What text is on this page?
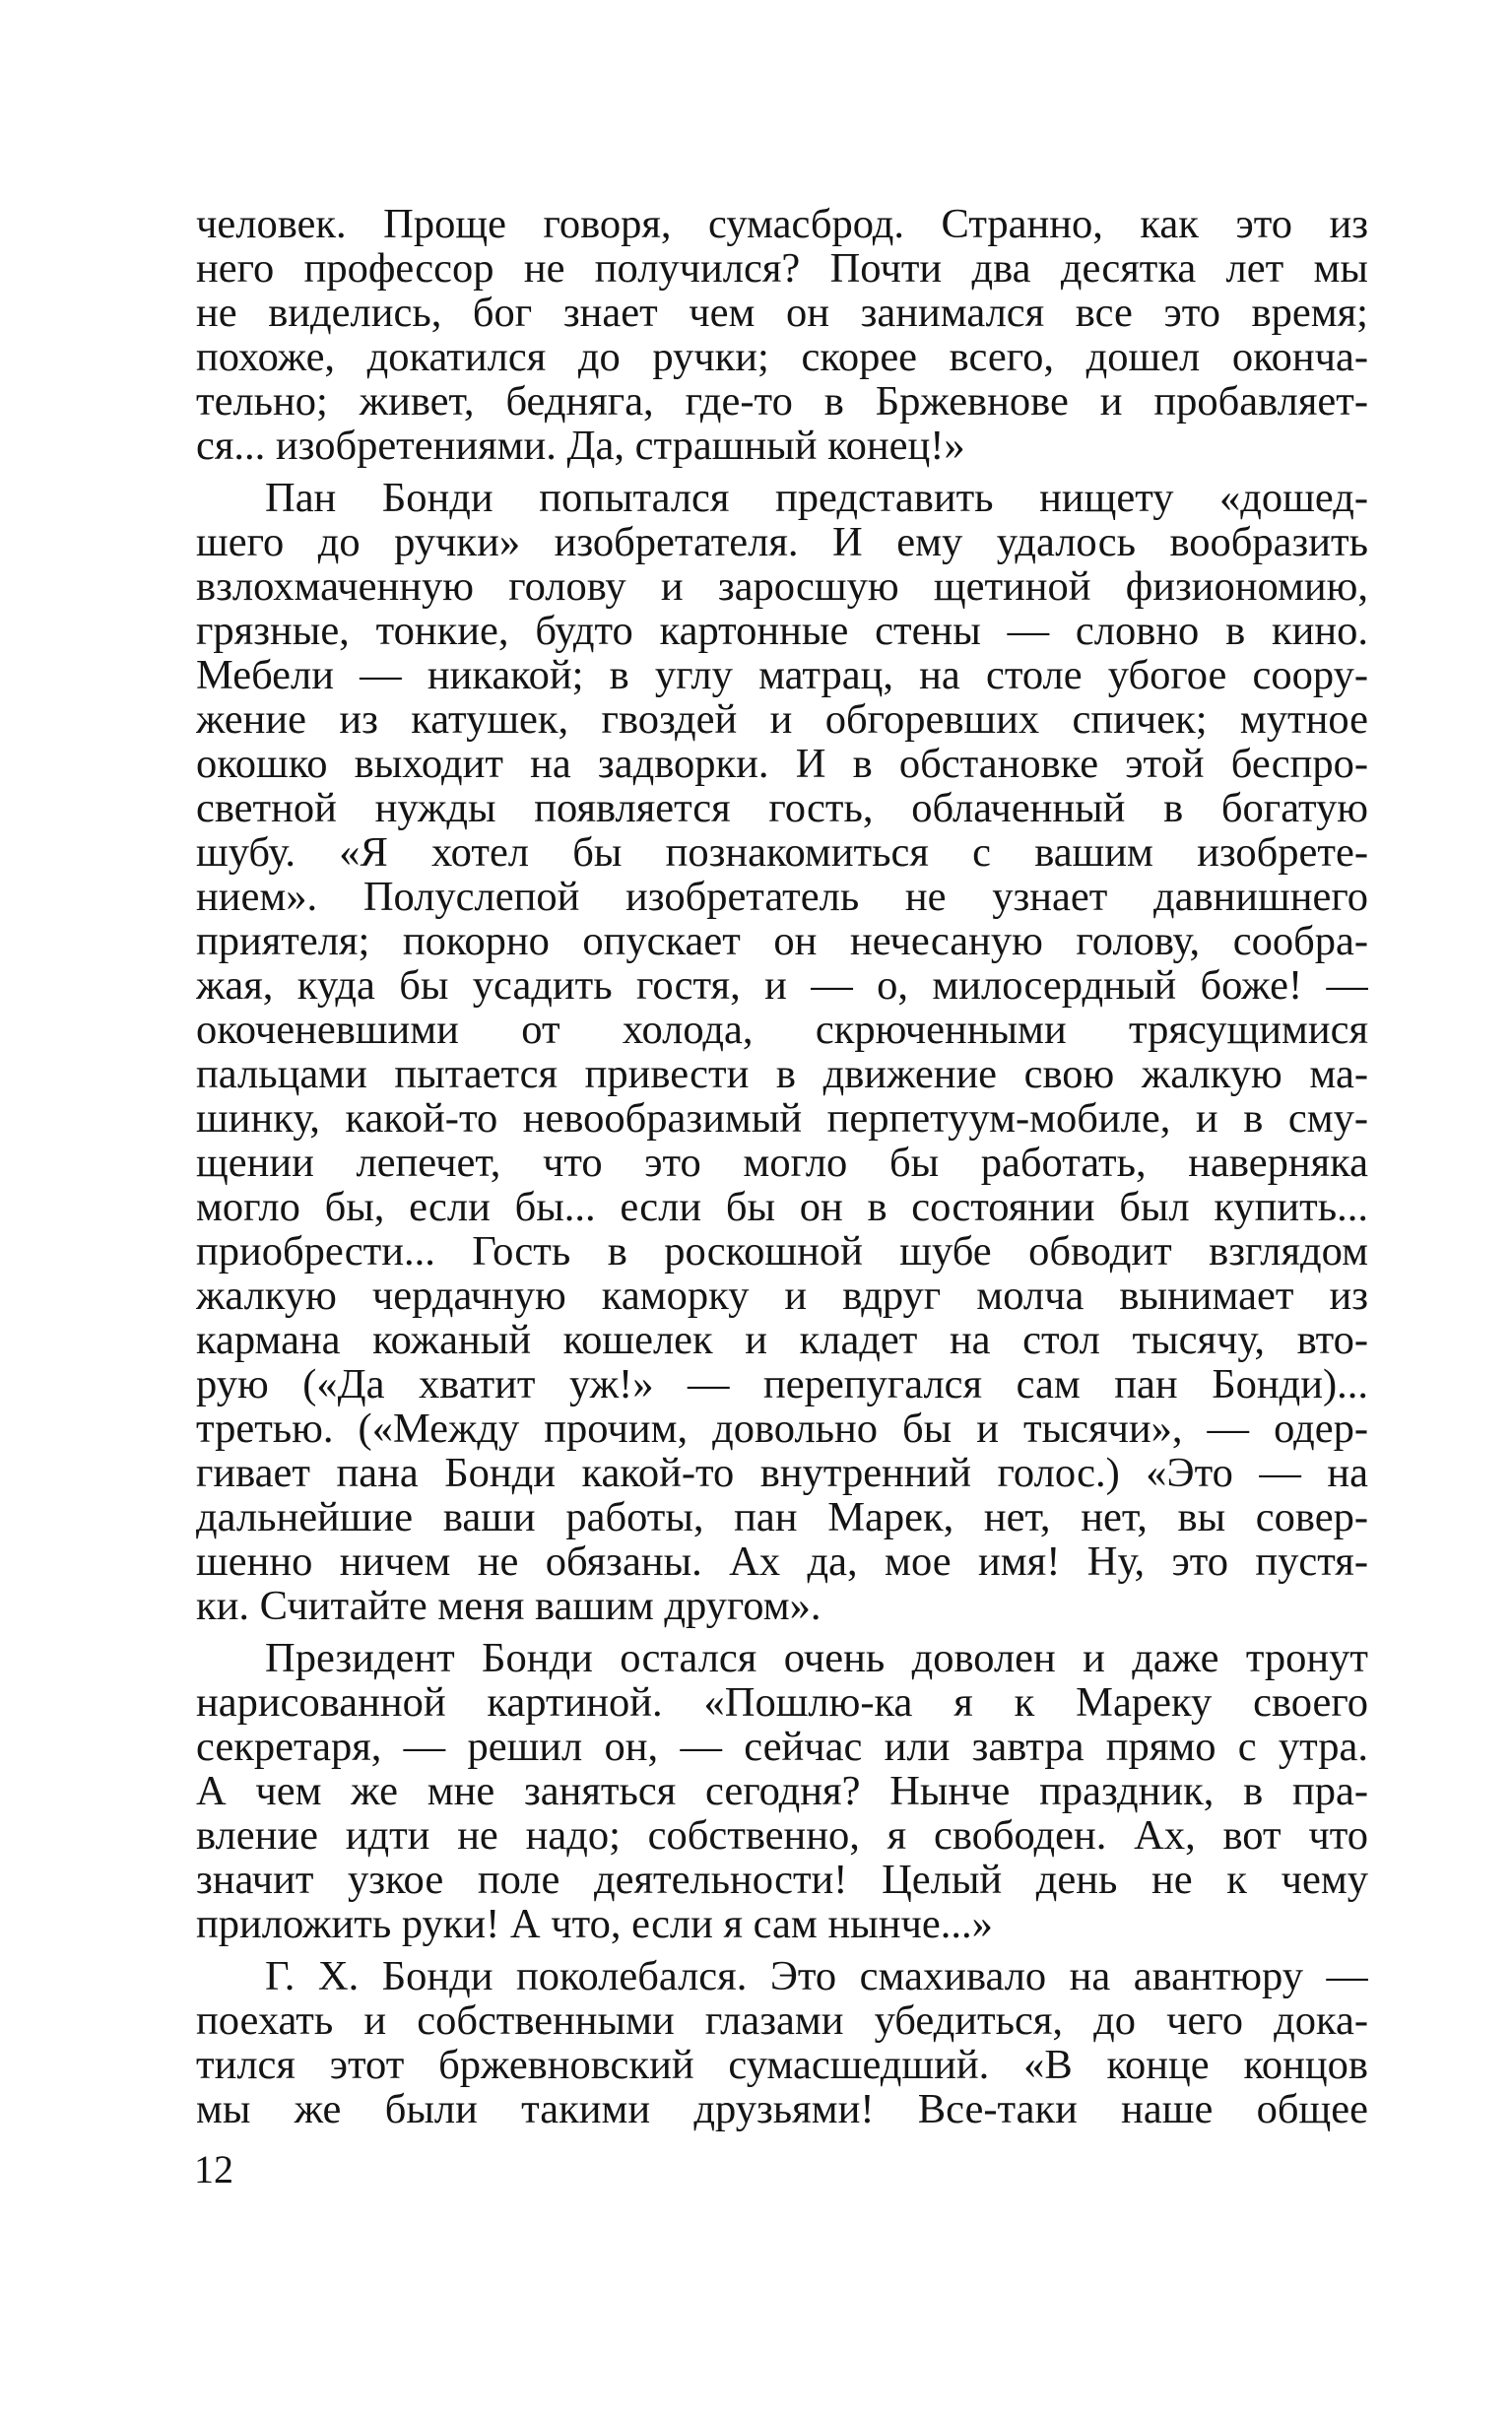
человек. Проще говоря, сумасброд. Странно, как это из
него профессор не получился? Почти два десятка лет мы
не виделись, бог знает чем он занимался все это время;
похоже, докатился до ручки; скорее всего, дошел оконча-
тельно; живет, бедняга, где-то в Бржевнове и пробавляет-
ся... изобретениями. Да, страшный конец!»
Пан Бонди попытался представить нищету «дошед-
шего до ручки» изобретателя. И ему удалось вообразить
взлохмаченную голову и заросшую щетиной физиономию,
грязные, тонкие, будто картонные стены — словно в кино.
Мебели — никакой; в углу матрац, на столе убогое соору-
жение из катушек, гвоздей и обгоревших спичек; мутное
окошко выходит на задворки. И в обстановке этой беспро-
светной нужды появляется гость, облаченный в богатую
шубу. «Я хотел бы познакомиться с вашим изобрете-
нием». Полуслепой изобретатель не узнает давнишнего
приятеля; покорно опускает он нечесаную голову, сообра-
жая, куда бы усадить гостя, и — о, милосердный боже! —
окоченевшими от холода, скрюченными трясущимися
пальцами пытается привести в движение свою жалкую ма-
шинку, какой-то невообразимый перпетуум-мобиле, и в сму-
щении лепечет, что это могло бы работать, наверняка
могло бы, если бы... если бы он в состоянии был купить...
приобрести... Гость в роскошной шубе обводит взглядом
жалкую чердачную каморку и вдруг молча вынимает из
кармана кожаный кошелек и кладет на стол тысячу, вто-
рую («Да хватит уж!» — перепугался сам пан Бонди)...
третью. («Между прочим, довольно бы и тысячи», — одер-
гивает пана Бонди какой-то внутренний голос.) «Это — на
дальнейшие ваши работы, пан Марек, нет, нет, вы совер-
шенно ничем не обязаны. Ах да, мое имя! Ну, это пустя-
ки. Считайте меня вашим другом».
Президент Бонди остался очень доволен и даже тронут
нарисованной картиной. «Пошлю-ка я к Мареку своего
секретаря, — решил он, — сейчас или завтра прямо с утра.
А чем же мне заняться сегодня? Нынче праздник, в пра-
вление идти не надо; собственно, я свободен. Ах, вот что
значит узкое поле деятельности! Целый день не к чему
приложить руки! А что, если я сам нынче...»
Г. Х. Бонди поколебался. Это смахивало на авантюру —
поехать и собственными глазами убедиться, до чего дока-
тился этот бржевновский сумасшедший. «В конце концов
мы же были такими друзьями! Все-таки наше общее
12
